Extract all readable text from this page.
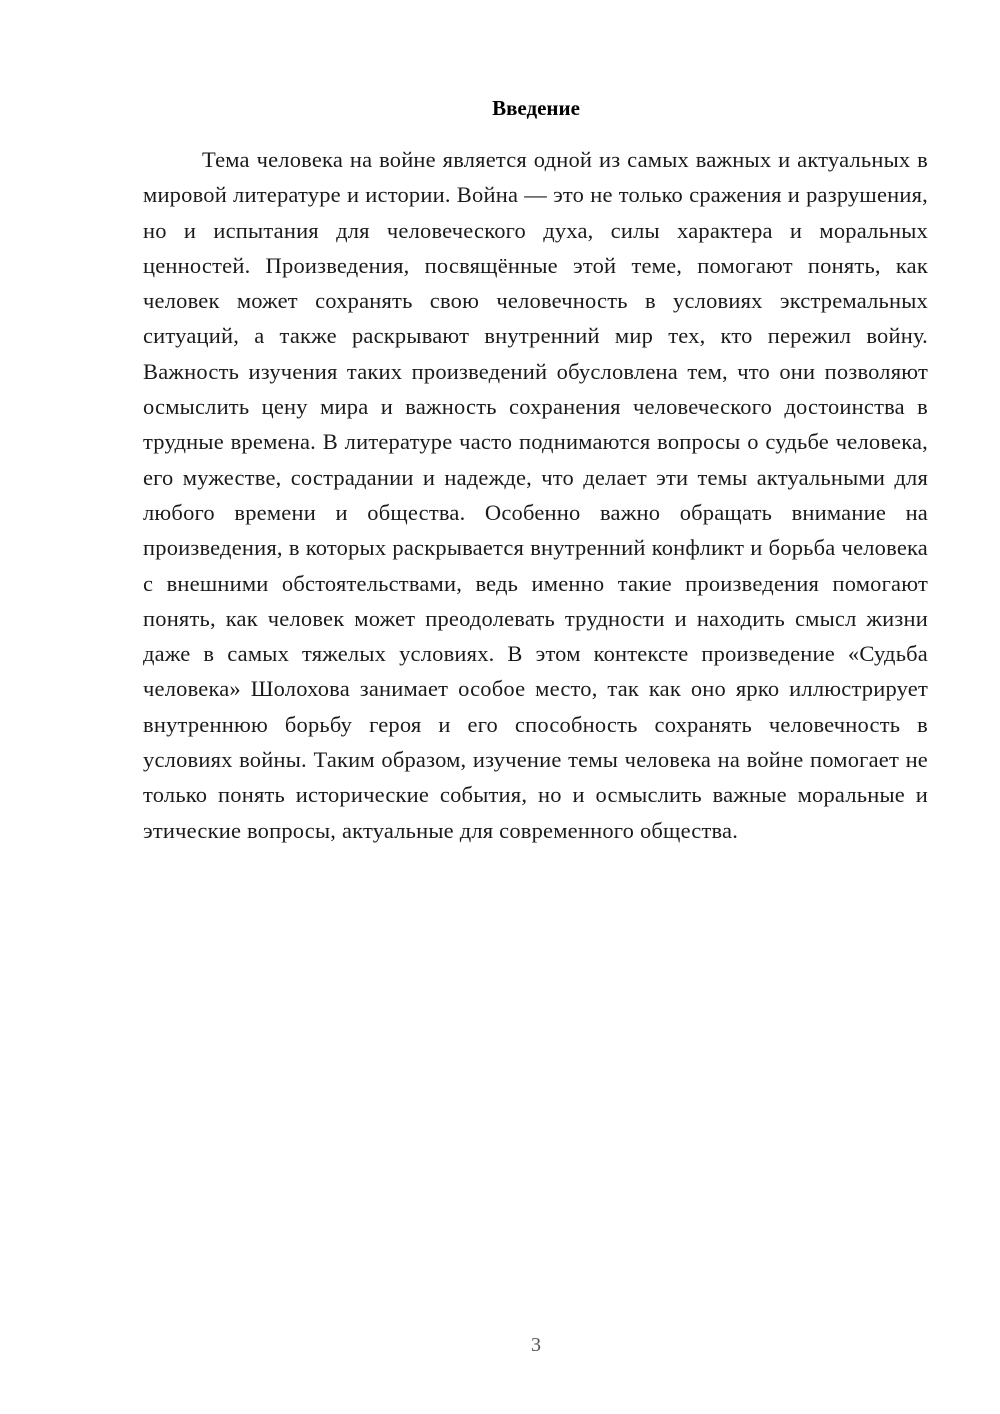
Введение

Тема человека на войне является одной из самых важных и актуальных в мировой литературе и истории. Война — это не только сражения и разрушения, но и испытания для человеческого духа, силы характера и моральных ценностей. Произведения, посвящённые этой теме, помогают понять, как человек может сохранять свою человечность в условиях экстремальных ситуаций, а также раскрывают внутренний мир тех, кто пережил войну. Важность изучения таких произведений обусловлена тем, что они позволяют осмыслить цену мира и важность сохранения человеческого достоинства в трудные времена. В литературе часто поднимаются вопросы о судьбе человека, его мужестве, сострадании и надежде, что делает эти темы актуальными для любого времени и общества. Особенно важно обращать внимание на произведения, в которых раскрывается внутренний конфликт и борьба человека с внешними обстоятельствами, ведь именно такие произведения помогают понять, как человек может преодолевать трудности и находить смысл жизни даже в самых тяжелых условиях. В этом контексте произведение «Судьба человека» Шолохова занимает особое место, так как оно ярко иллюстрирует внутреннюю борьбу героя и его способность сохранять человечность в условиях войны. Таким образом, изучение темы человека на войне помогает не только понять исторические события, но и осмыслить важные моральные и этические вопросы, актуальные для современного общества.

3
